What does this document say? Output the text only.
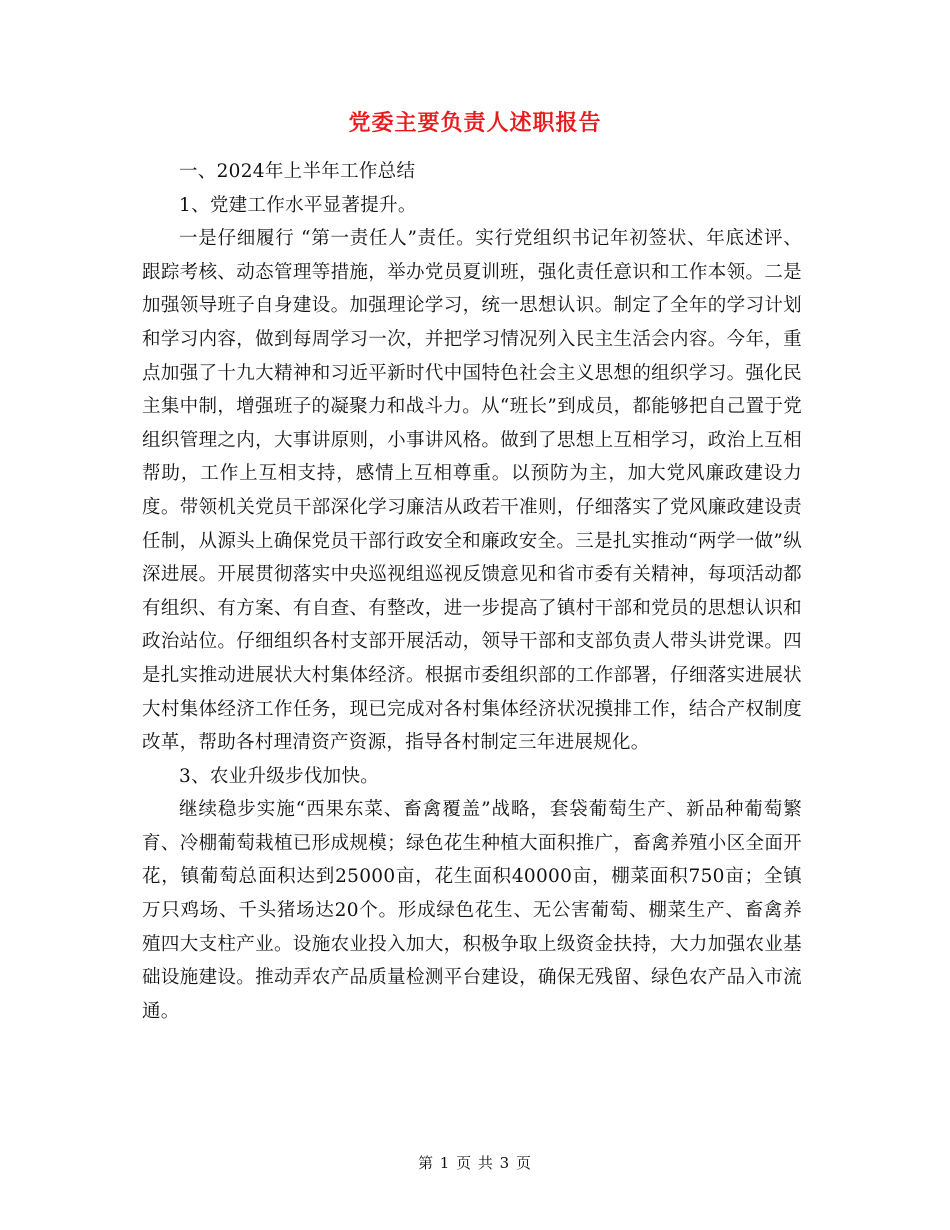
党委主要负责人述职报告

一、2024年上半年工作总结

1、党建工作水平显著提升。

一是仔细履行 “第一责任人”责任。实行党组织书记年初签状、年底述评、跟踪考核、动态管理等措施，举办党员夏训班，强化责任意识和工作本领。二是加强领导班子自身建设。加强理论学习，统一思想认识。制定了全年的学习计划和学习内容，做到每周学习一次，并把学习情况列入民主生活会内容。今年，重点加强了十九大精神和习近平新时代中国特色社会主义思想的组织学习。强化民主集中制，增强班子的凝聚力和战斗力。从“班长”到成员，都能够把自己置于党组织管理之内，大事讲原则，小事讲风格。做到了思想上互相学习，政治上互相帮助，工作上互相支持，感情上互相尊重。以预防为主，加大党风廉政建设力度。带领机关党员干部深化学习廉洁从政若干准则，仔细落实了党风廉政建设责任制，从源头上确保党员干部行政安全和廉政安全。三是扎实推动“两学一做”纵深进展。开展贯彻落实中央巡视组巡视反馈意见和省市委有关精神，每项活动都有组织、有方案、有自查、有整改，进一步提高了镇村干部和党员的思想认识和政治站位。仔细组织各村支部开展活动，领导干部和支部负责人带头讲党课。四是扎实推动进展状大村集体经济。根据市委组织部的工作部署，仔细落实进展状大村集体经济工作任务，现已完成对各村集体经济状况摸排工作，结合产权制度改革，帮助各村理清资产资源，指导各村制定三年进展规化。

3、农业升级步伐加快。

继续稳步实施“西果东菜、畜禽覆盖”战略，套袋葡萄生产、新品种葡萄繁育、冷棚葡萄栽植已形成规模；绿色花生种植大面积推广，畜禽养殖小区全面开花，镇葡萄总面积达到25000亩，花生面积40000亩，棚菜面积750亩；全镇万只鸡场、千头猪场达20个。形成绿色花生、无公害葡萄、棚菜生产、畜禽养殖四大支柱产业。设施农业投入加大，积极争取上级资金扶持，大力加强农业基础设施建设。推动弄农产品质量检测平台建设，确保无残留、绿色农产品入市流通。

第 1 页 共 3 页
